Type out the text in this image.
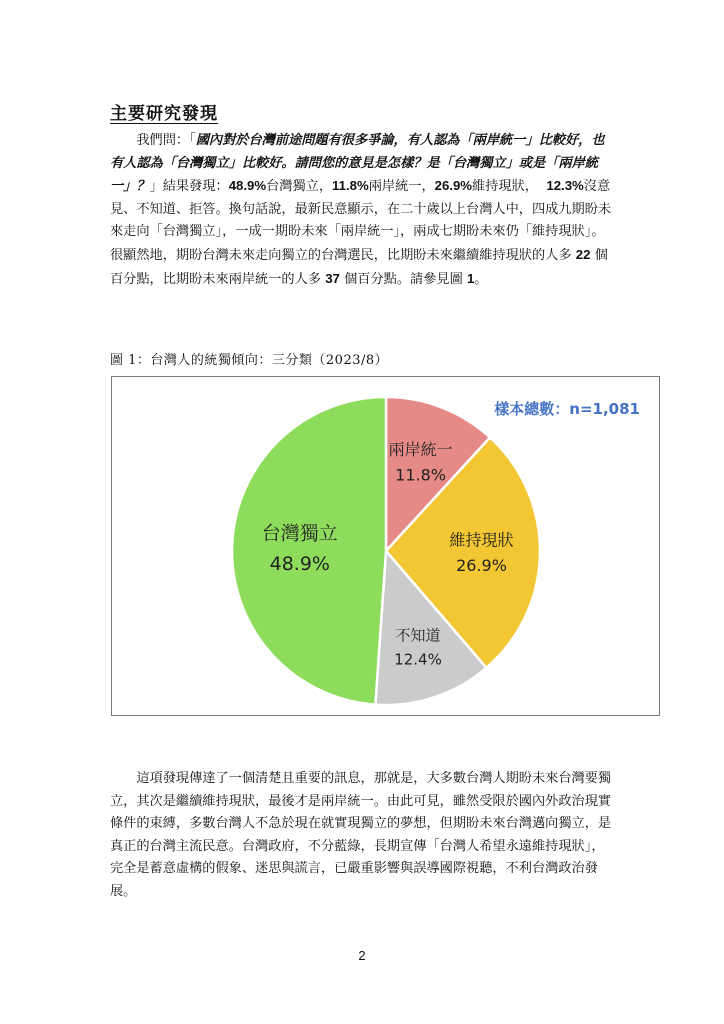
主要研究發現

　　我們問：「國內對於台灣前途問題有很多爭論，有人認為「兩岸統一」比較好，也有人認為「台灣獨立」比較好。請問您的意見是怎樣？是「台灣獨立」或是「兩岸統一」？」結果發現：48.9%台灣獨立，11.8%兩岸統一，26.9%維持現狀，  12.3%沒意見、不知道、拒答。換句話說，最新民意顯示，在二十歲以上台灣人中，四成九期盼未來走向「台灣獨立」，一成一期盼未來「兩岸統一」，兩成七期盼未來仍「維持現狀」。很顯然地，期盼台灣未來走向獨立的台灣選民，比期盼未來繼續維持現狀的人多 22 個百分點，比期盼未來兩岸統一的人多 37 個百分點。請參見圖 1。

圖 1：台灣人的統獨傾向：三分類（2023/8）
兩岸統一
11.8%
維持現狀
26.9%
不知道
12.4%
台灣獨立
48.9%
樣本總數：n=1,081

　　這項發現傳達了一個清楚且重要的訊息，那就是，大多數台灣人期盼未來台灣要獨立，其次是繼續維持現狀，最後才是兩岸統一。由此可見，雖然受限於國內外政治現實條件的束縛，多數台灣人不急於現在就實現獨立的夢想，但期盼未來台灣邁向獨立，是真正的台灣主流民意。台灣政府，不分藍綠，長期宣傳「台灣人希望永遠維持現狀」，完全是蓄意虛構的假象、迷思與謊言，已嚴重影響與誤導國際視聽，不利台灣政治發展。

2
